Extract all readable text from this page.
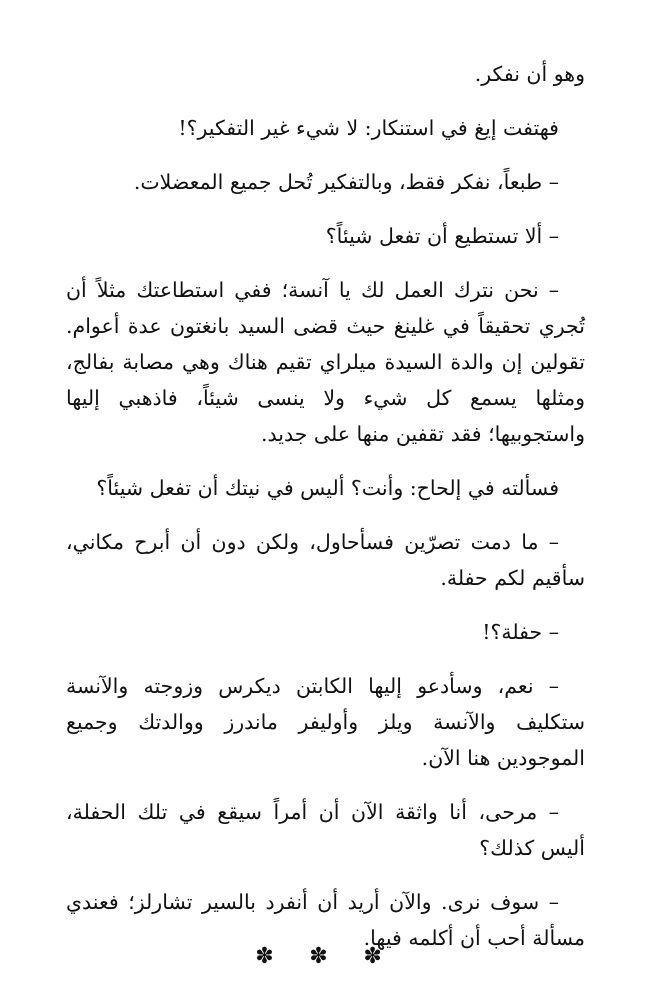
وهو أن نفكر.

فهتفت إيغ في استنكار: لا شيء غير التفكير؟!

– طبعاً، نفكر فقط، وبالتفكير تُحل جميع المعضلات.

– ألا تستطيع أن تفعل شيئاً؟

– نحن نترك العمل لك يا آنسة؛ ففي استطاعتك مثلاً أن تُجري تحقيقاً في غلينغ حيث قضى السيد بانغتون عدة أعوام. تقولين إن والدة السيدة ميلراي تقيم هناك وهي مصابة بفالج، ومثلها يسمع كل شيء ولا ينسى شيئاً، فاذهبي إليها واستجوبيها؛ فقد تقفين منها على جديد.

فسألته في إلحاح: وأنت؟ أليس في نيتك أن تفعل شيئاً؟

– ما دمت تصرّين فسأحاول، ولكن دون أن أبرح مكاني، سأقيم لكم حفلة.

– حفلة؟!

– نعم، وسأدعو إليها الكابتن ديكرس وزوجته والآنسة ستكليف والآنسة ويلز وأوليفر ماندرز ووالدتك وجميع الموجودين هنا الآن.

– مرحى، أنا واثقة الآن أن أمراً سيقع في تلك الحفلة، أليس كذلك؟

– سوف نرى. والآن أريد أن أنفرد بالسير تشارلز؛ فعندي مسألة أحب أن أكلمه فيها.

✽ ✽ ✽
